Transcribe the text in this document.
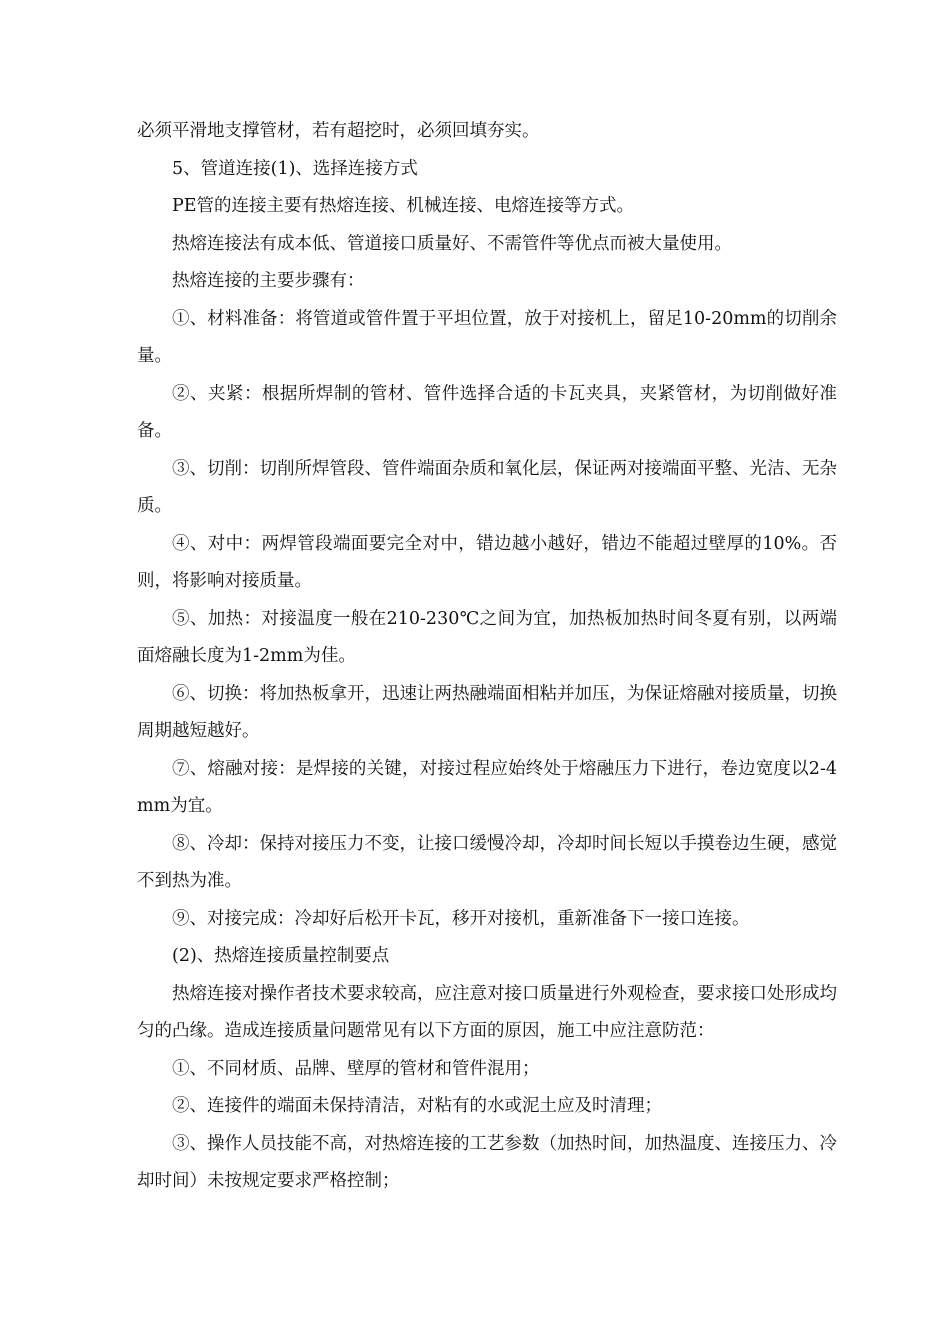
必须平滑地支撑管材，若有超挖时，必须回填夯实。

5、管道连接(1)、选择连接方式

PE管的连接主要有热熔连接、机械连接、电熔连接等方式。

热熔连接法有成本低、管道接口质量好、不需管件等优点而被大量使用。

热熔连接的主要步骤有：

①、材料准备：将管道或管件置于平坦位置，放于对接机上，留足10-20mm的切削余量。

②、夹紧：根据所焊制的管材、管件选择合适的卡瓦夹具，夹紧管材，为切削做好准备。

③、切削：切削所焊管段、管件端面杂质和氧化层，保证两对接端面平整、光洁、无杂质。

④、对中：两焊管段端面要完全对中，错边越小越好，错边不能超过壁厚的10%。否则，将影响对接质量。

⑤、加热：对接温度一般在210-230℃之间为宜，加热板加热时间冬夏有别，以两端面熔融长度为1-2mm为佳。

⑥、切换：将加热板拿开，迅速让两热融端面相粘并加压，为保证熔融对接质量，切换周期越短越好。

⑦、熔融对接：是焊接的关键，对接过程应始终处于熔融压力下进行，卷边宽度以2-4mm为宜。

⑧、冷却：保持对接压力不变，让接口缓慢冷却，冷却时间长短以手摸卷边生硬，感觉不到热为准。

⑨、对接完成：冷却好后松开卡瓦，移开对接机，重新准备下一接口连接。

(2)、热熔连接质量控制要点

热熔连接对操作者技术要求较高，应注意对接口质量进行外观检查，要求接口处形成均匀的凸缘。造成连接质量问题常见有以下方面的原因，施工中应注意防范：

①、不同材质、品牌、壁厚的管材和管件混用；

②、连接件的端面未保持清洁，对粘有的水或泥土应及时清理；

③、操作人员技能不高，对热熔连接的工艺参数（加热时间，加热温度、连接压力、冷却时间）未按规定要求严格控制；
